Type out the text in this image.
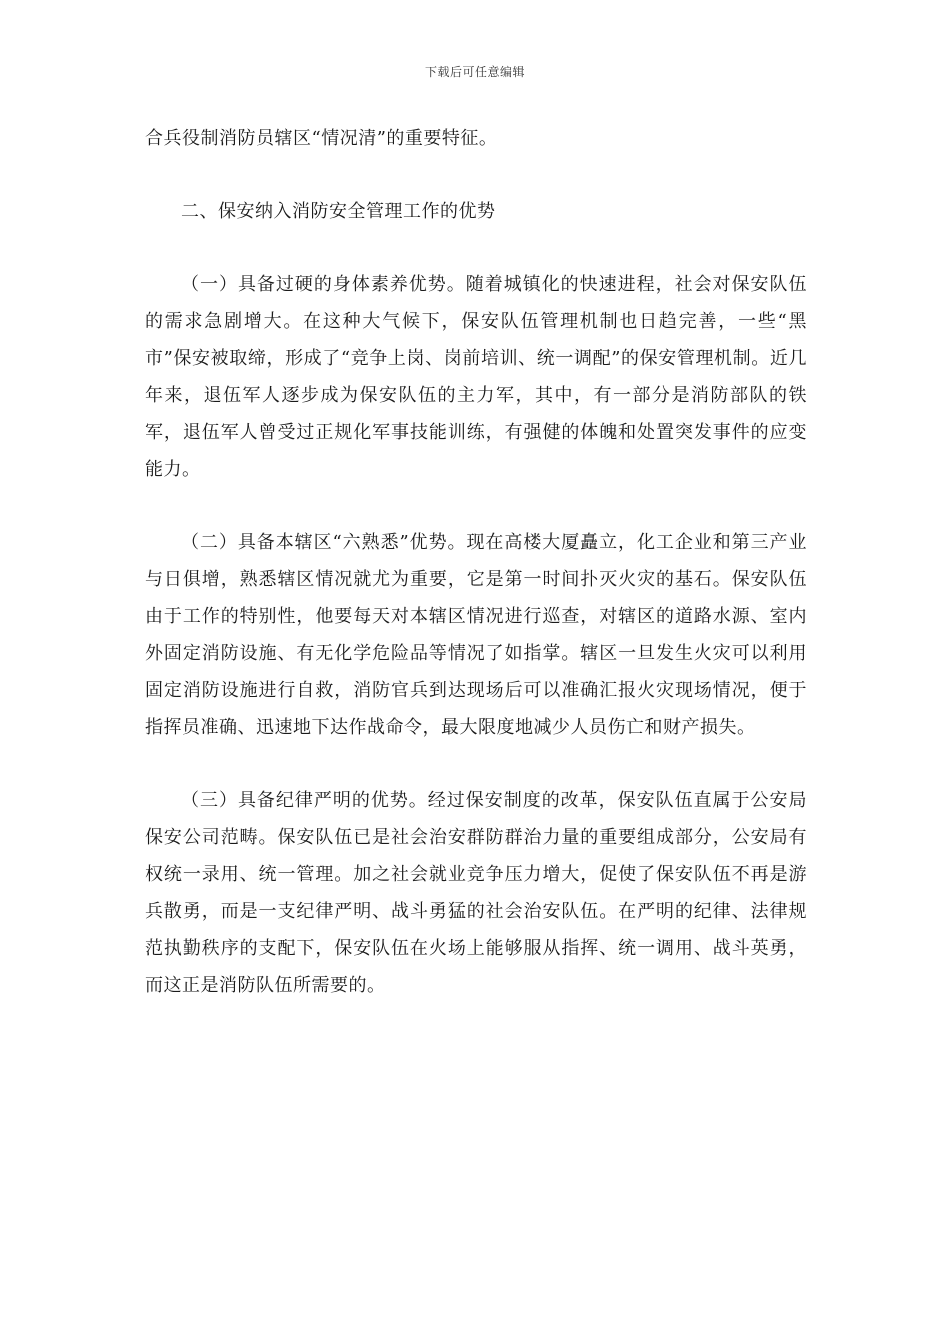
下载后可任意编辑

合兵役制消防员辖区“情况清”的重要特征。

二、保安纳入消防安全管理工作的优势

（一）具备过硬的身体素养优势。随着城镇化的快速进程，社会对保安队伍的需求急剧增大。在这种大气候下，保安队伍管理机制也日趋完善，一些“黑市”保安被取缔，形成了“竞争上岗、岗前培训、统一调配”的保安管理机制。近几年来，退伍军人逐步成为保安队伍的主力军，其中，有一部分是消防部队的铁军，退伍军人曾受过正规化军事技能训练，有强健的体魄和处置突发事件的应变能力。

（二）具备本辖区“六熟悉”优势。现在高楼大厦矗立，化工企业和第三产业与日俱增，熟悉辖区情况就尤为重要，它是第一时间扑灭火灾的基石。保安队伍由于工作的特别性，他要每天对本辖区情况进行巡查，对辖区的道路水源、室内外固定消防设施、有无化学危险品等情况了如指掌。辖区一旦发生火灾可以利用固定消防设施进行自救，消防官兵到达现场后可以准确汇报火灾现场情况，便于指挥员准确、迅速地下达作战命令，最大限度地减少人员伤亡和财产损失。

（三）具备纪律严明的优势。经过保安制度的改革，保安队伍直属于公安局保安公司范畴。保安队伍已是社会治安群防群治力量的重要组成部分，公安局有权统一录用、统一管理。加之社会就业竞争压力增大，促使了保安队伍不再是游兵散勇，而是一支纪律严明、战斗勇猛的社会治安队伍。在严明的纪律、法律规范执勤秩序的支配下，保安队伍在火场上能够服从指挥、统一调用、战斗英勇，而这正是消防队伍所需要的。
